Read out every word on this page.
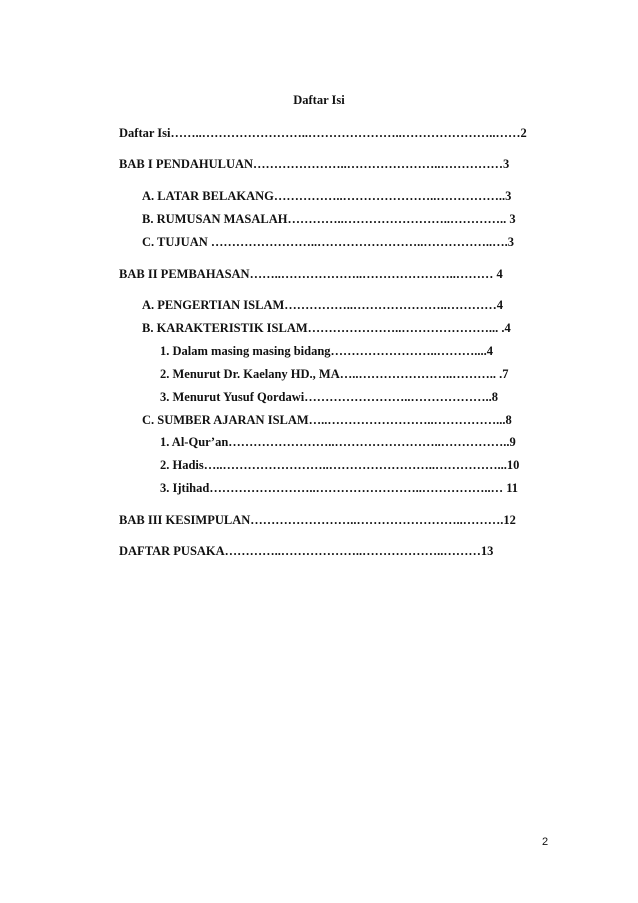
Daftar Isi
Daftar Isi……..……………………..…………………..…………………..……2
BAB I PENDAHULUAN…………………..…………………..……………3
A. LATAR BELAKANG……………..…………………..……………..3
B. RUMUSAN MASALAH…………..……………………..………….. 3
C. TUJUAN ……………………..……………………..……………..….3
BAB II PEMBAHASAN……..………………..…………………..……… 4
A. PENGERTIAN ISLAM……………..…………………..…………4
B. KARAKTERISTIK ISLAM…………………..…………………... .4
1. Dalam masing masing bidang……………………..………....4
2. Menurut Dr. Kaelany HD., MA…..…………………..……….. .7
3. Menurut Yusuf Qordawi……………………..………………..8
C. SUMBER AJARAN ISLAM…..……………………..……………...8
1. Al-Qur’an……………………..……………………..……………..9
2. Hadis…..……………………..……………………..……………...10
3. Ijtihad……………………..……………………..……………..… 11
BAB III KESIMPULAN……………………..……………………..……….12
DAFTAR PUSAKA…………..………………..………………..………13
2
